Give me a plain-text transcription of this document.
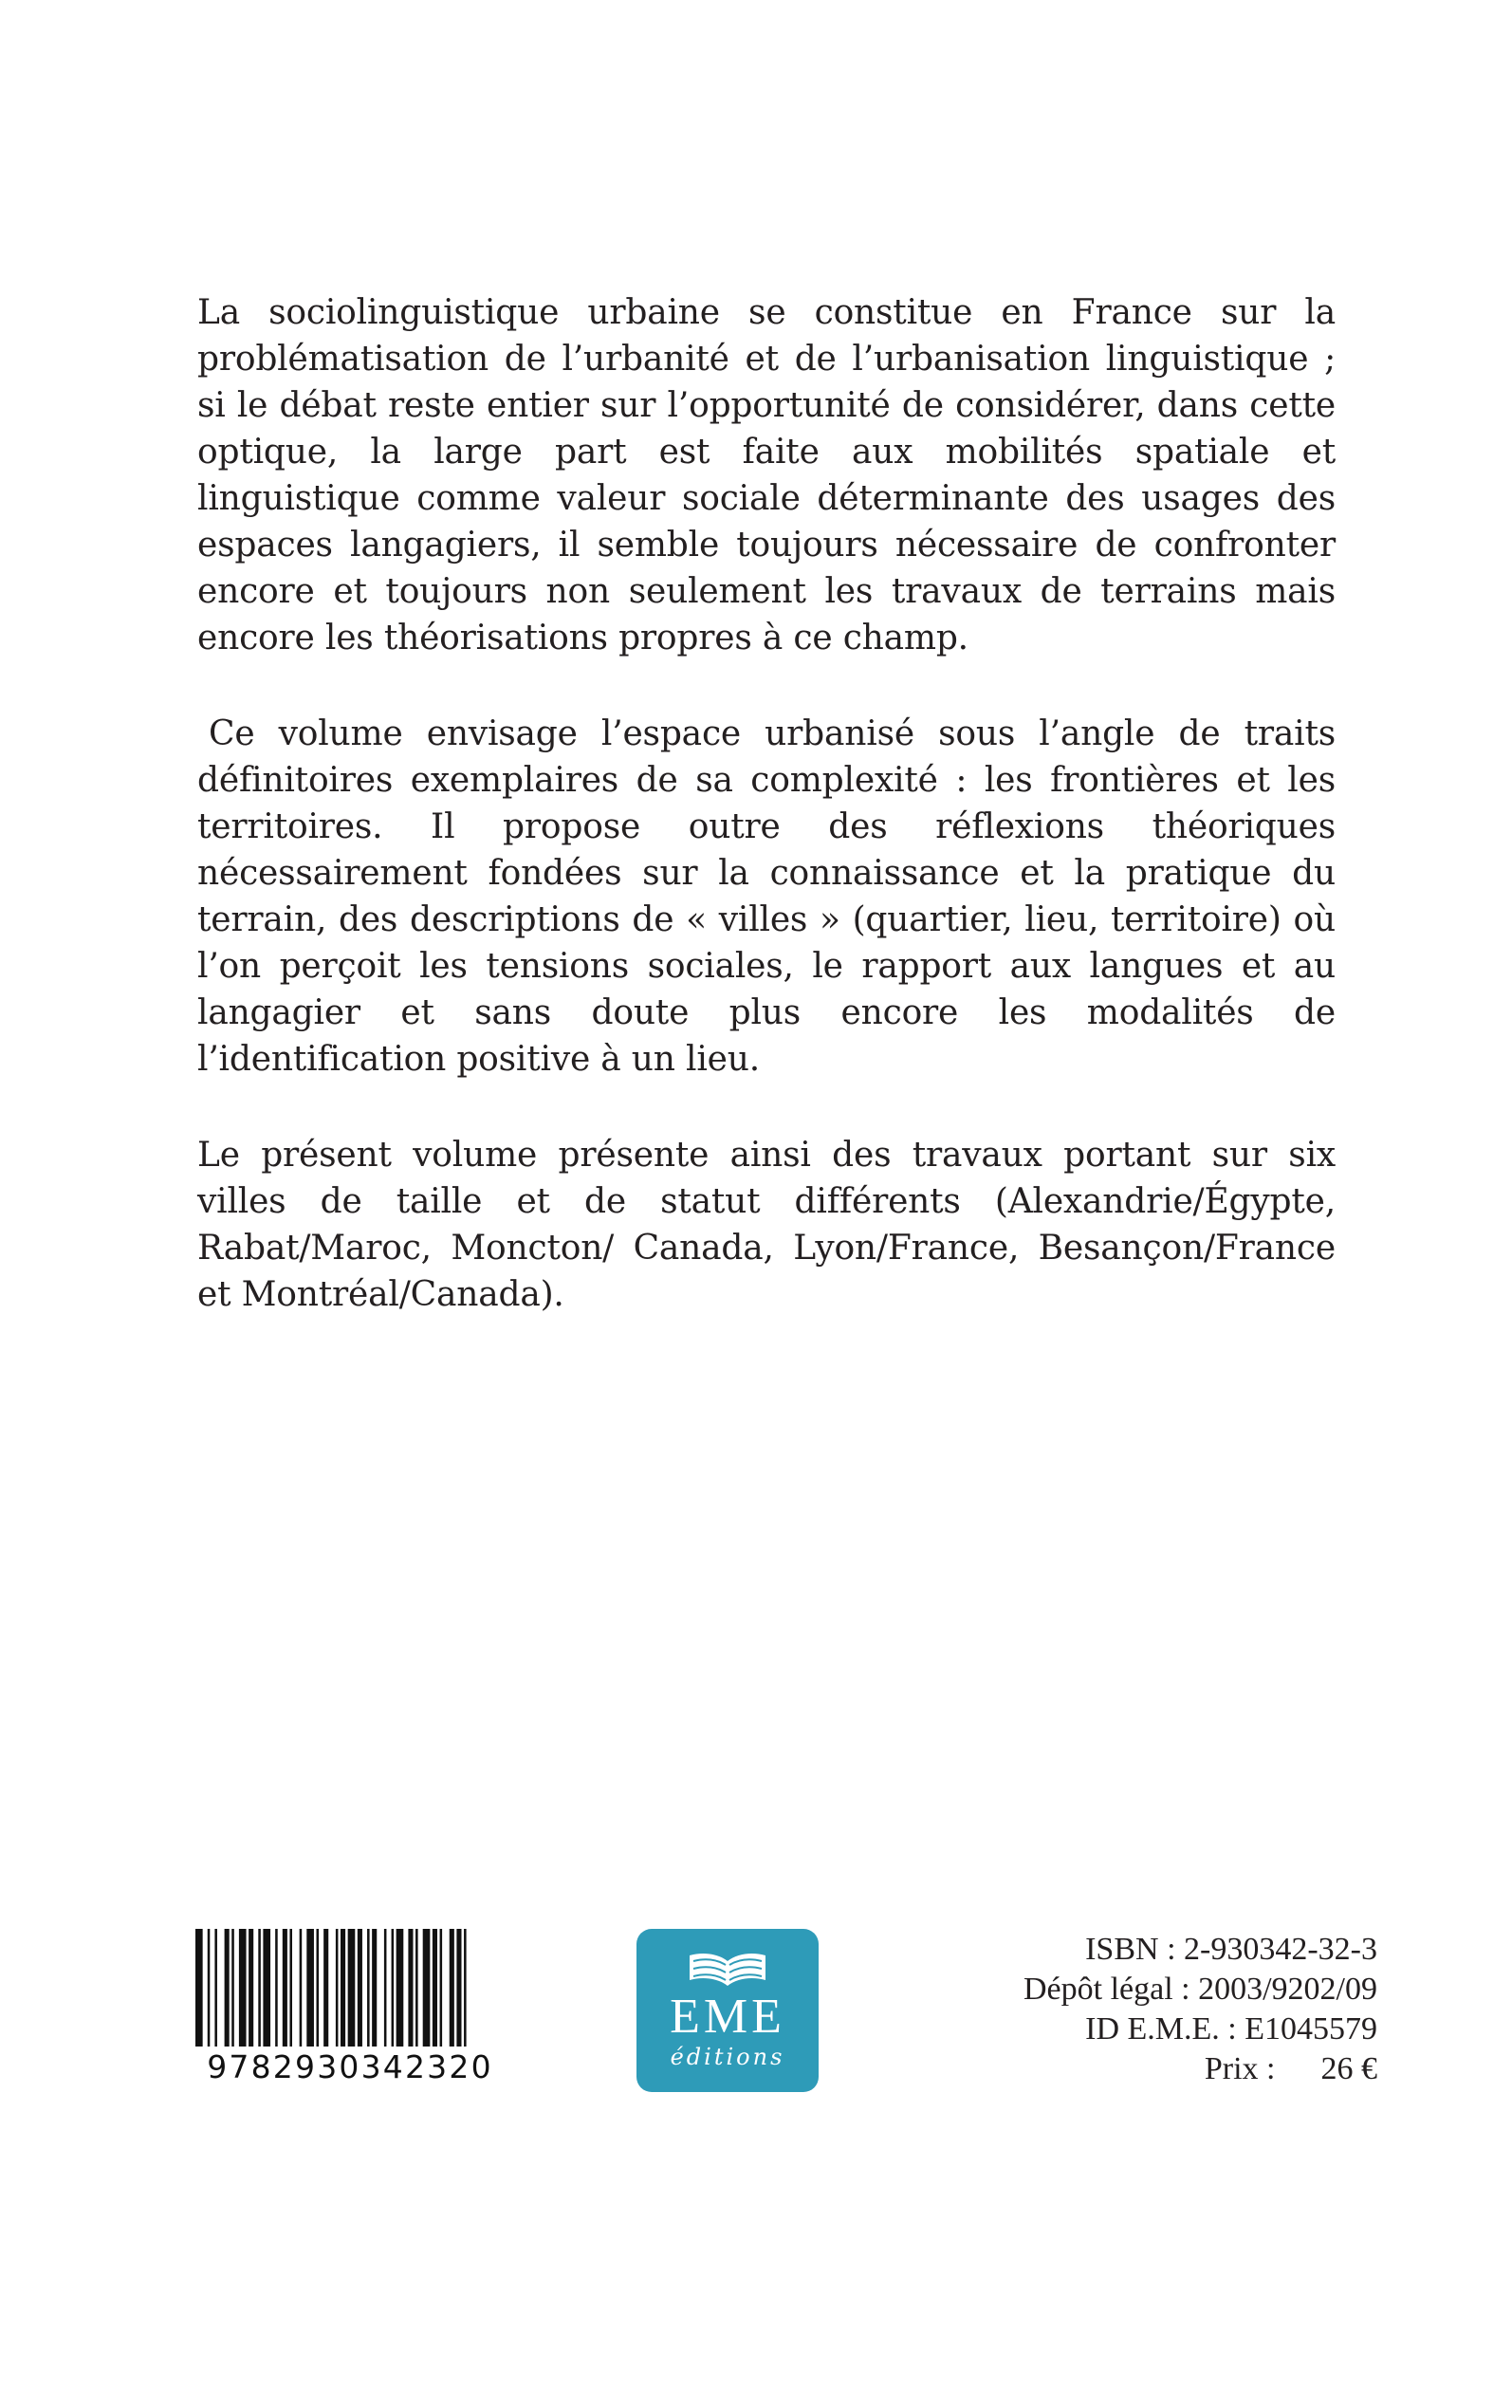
La sociolinguistique urbaine se constitue en France sur la problématisation de l’urbanité et de l’urbanisation linguistique ; si le débat reste entier sur l’opportunité de considérer, dans cette optique, la large part est faite aux mobilités spatiale et linguistique comme valeur sociale déterminante des usages des espaces langagiers, il semble toujours nécessaire de confronter encore et toujours non seulement les travaux de terrains mais encore les théorisations propres à ce champ.

Ce volume envisage l’espace urbanisé sous l’angle de traits définitoires exemplaires de sa complexité : les frontières et les territoires. Il propose outre des réflexions théoriques nécessairement fondées sur la connaissance et la pratique du terrain, des descriptions de « villes » (quartier, lieu, territoire) où l’on perçoit les tensions sociales, le rapport aux langues et au langagier et sans doute plus encore les modalités de l’identification positive à un lieu.

Le présent volume présente ainsi des travaux portant sur six villes de taille et de statut différents (Alexandrie/Égypte, Rabat/Maroc, Moncton/ Canada, Lyon/France, Besançon/France et Montréal/Canada).

9782930342320
EME
éditions
ISBN : 2-930342-32-3
Dépôt légal : 2003/9202/09
ID E.M.E. : E1045579
Prix : 26 €
